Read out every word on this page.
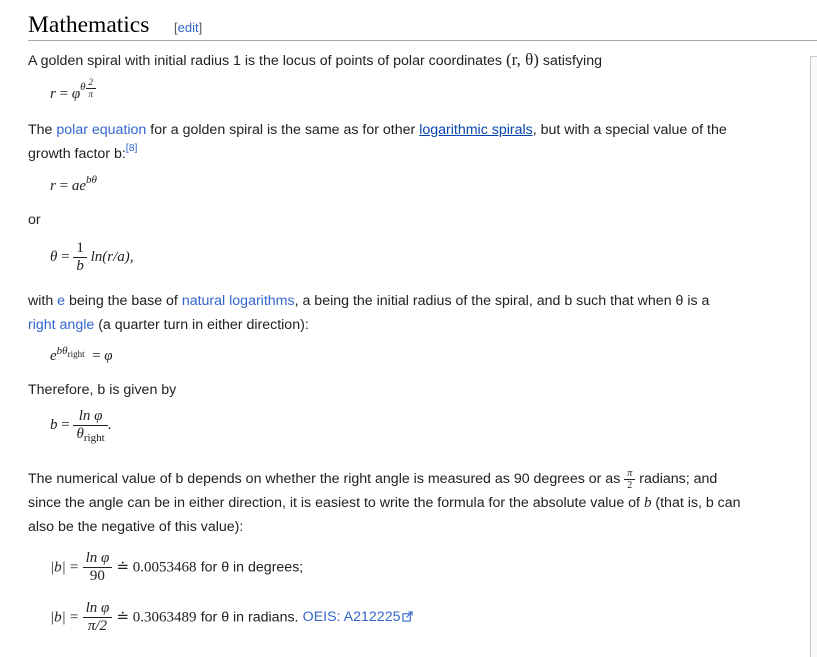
Mathematics [edit]
A golden spiral with initial radius 1 is the locus of points of polar coordinates (r, θ) satisfying
$r = \varphi^{\theta \frac{2}{\pi}}$
The polar equation for a golden spiral is the same as for other logarithmic spirals, but with a special value of the
growth factor b:[8]
$r = ae^{b\theta}$
or
$\theta = \frac{1}{b} \ln(r/a)$,
with e being the base of natural logarithms, a being the initial radius of the spiral, and b such that when θ is a
right angle (a quarter turn in either direction):
$e^{b\theta_{right}} = \varphi$
Therefore, b is given by
$b = \frac{\text{ln φ}}{\theta_{right}}$ .
The numerical value of b depends on whether the right angle is measured as 90 degrees or as $\frac{\pi}{2}$ radians; and
since the angle can be in either direction, it is easiest to write the formula for the absolute value of b (that is, b can
also be the negative of this value):
$|b| = \frac{\text{ln φ}}{90}$ ≐ 0.0053468 for θ in degrees;
$|b| = \frac{\text{ln φ}}{\pi/2}$ ≐ 0.3063489 for θ in radians. OEIS: A212225
